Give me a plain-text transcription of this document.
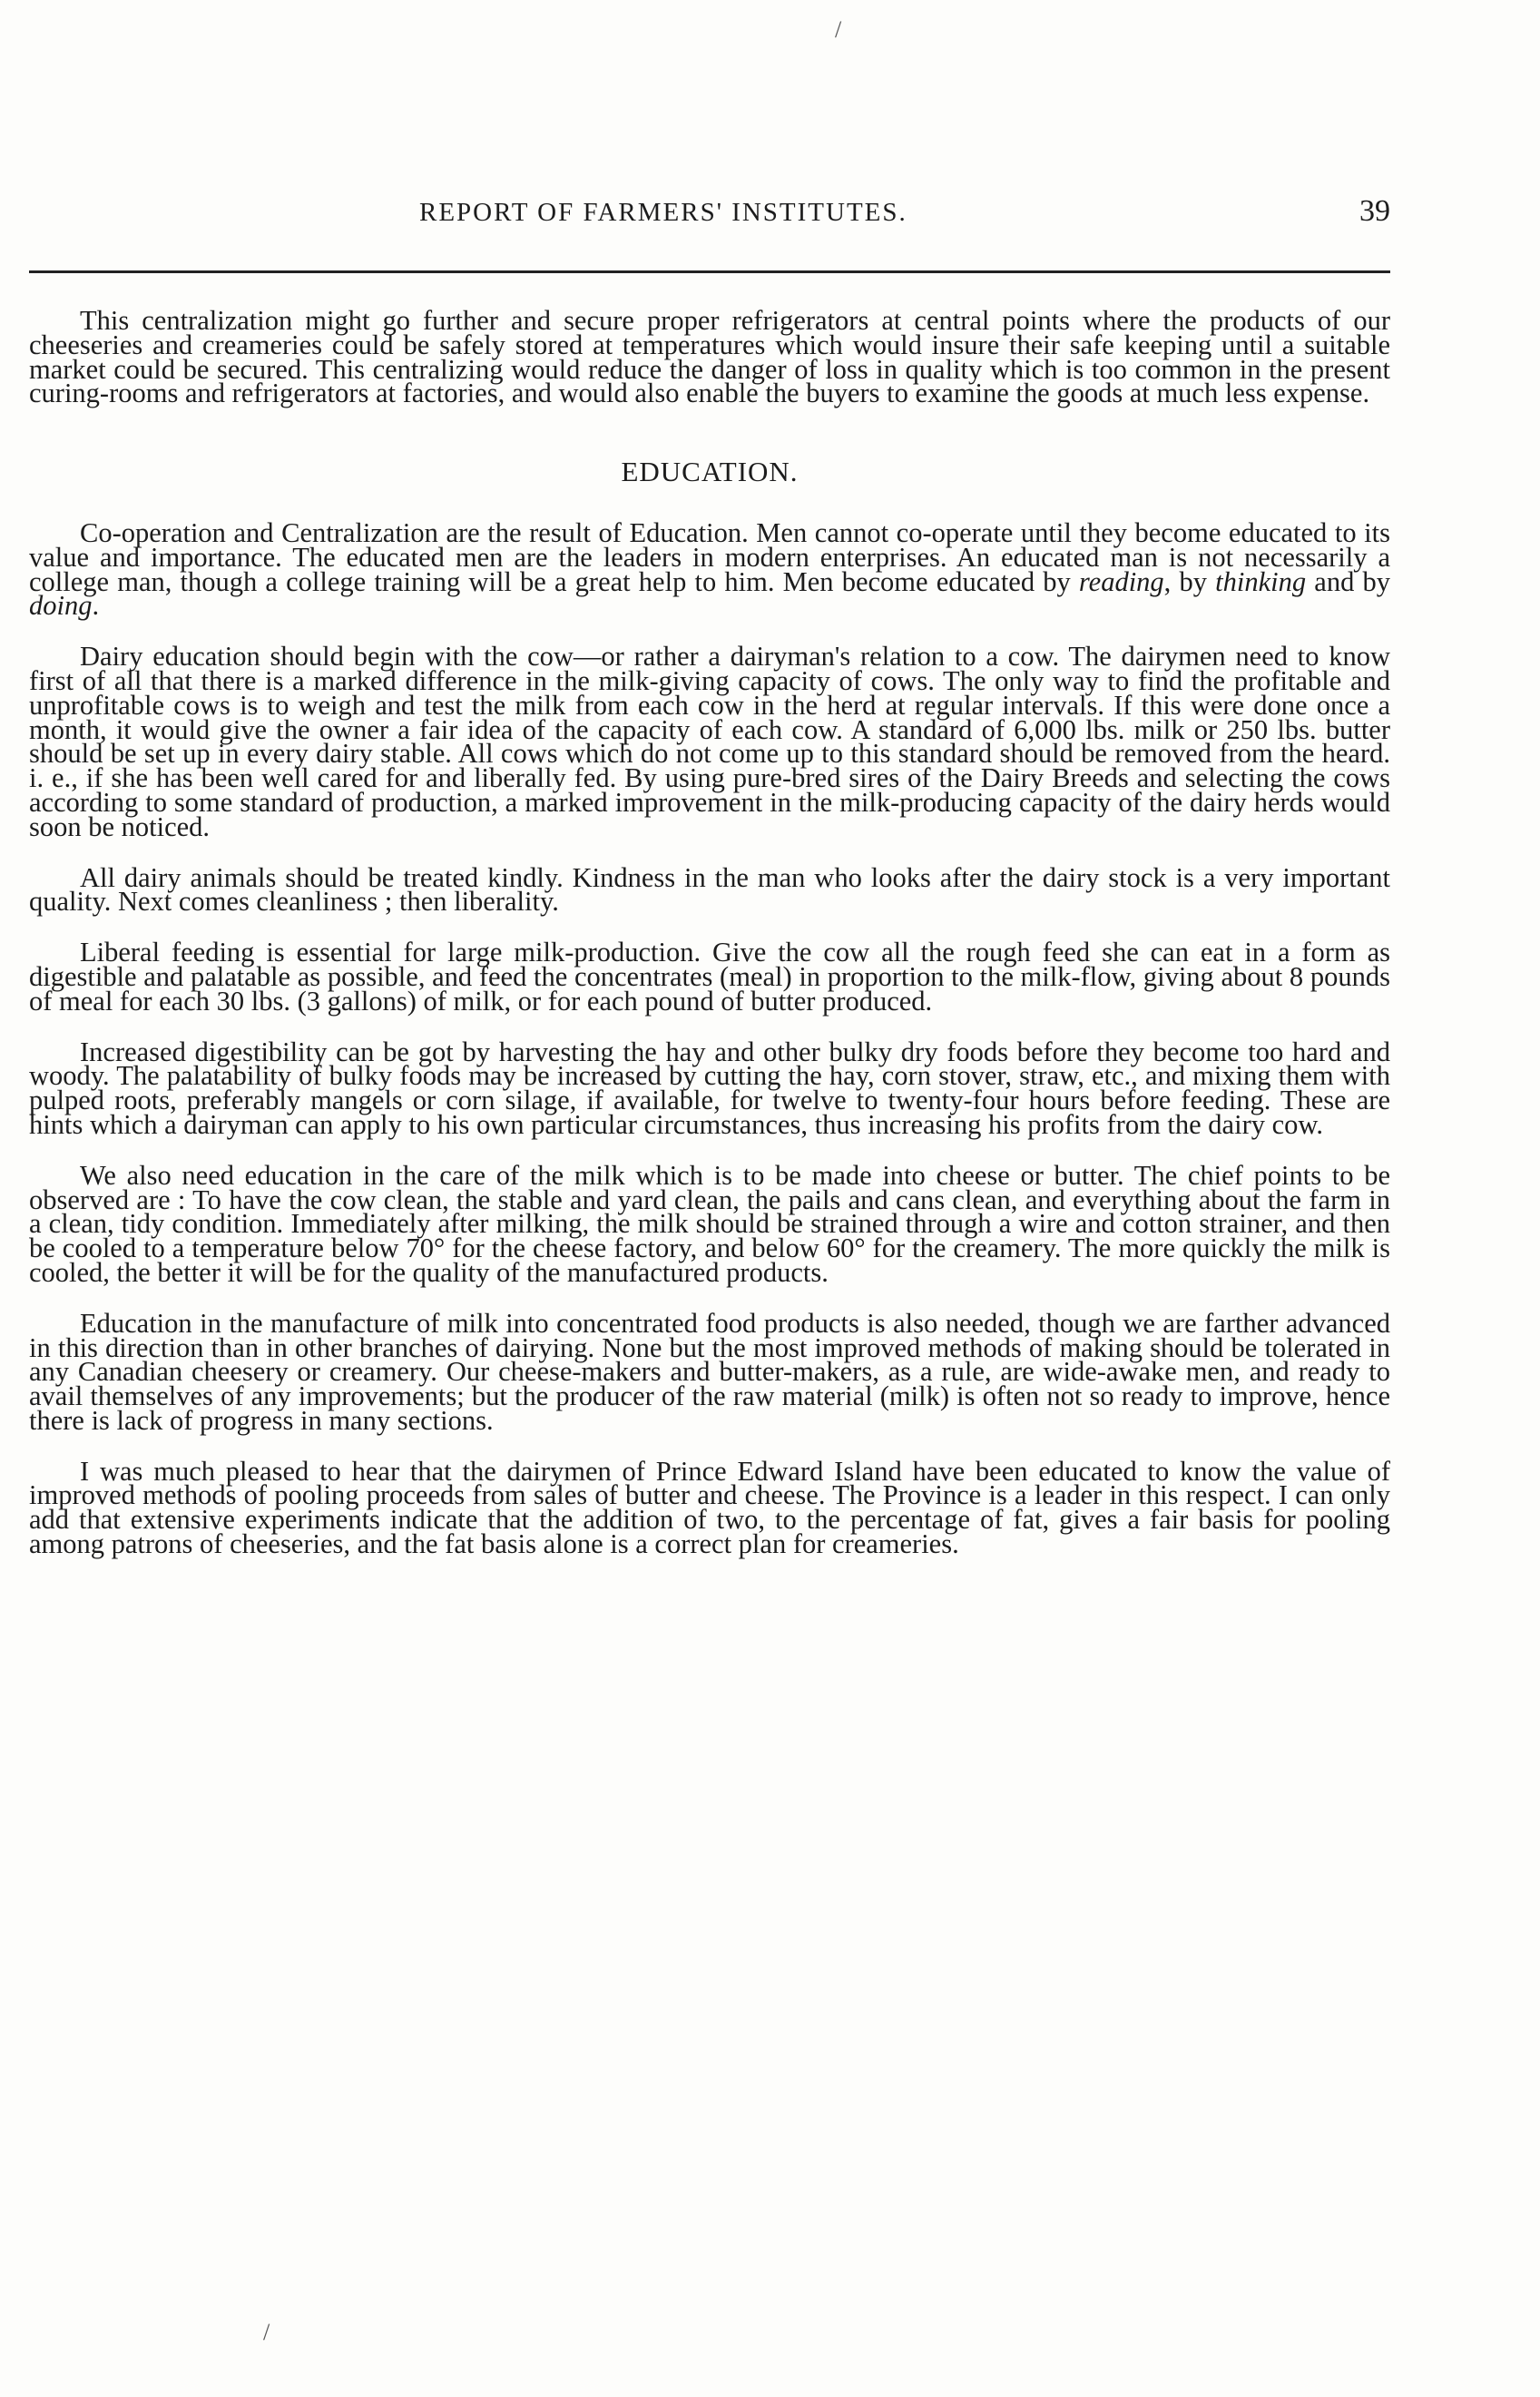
/
/
REPORT OF FARMERS' INSTITUTES.	39

This centralization might go further and secure proper refrigerators at central points where the products of our cheeseries and creameries could be safely stored at temperatures which would insure their safe keeping until a suitable market could be secured. This centralizing would reduce the danger of loss in quality which is too common in the present curing-rooms and refrigerators at factories, and would also enable the buyers to examine the goods at much less expense.

EDUCATION.

Co-operation and Centralization are the result of Education. Men cannot co-operate until they become educated to its value and importance. The educated men are the leaders in modern enterprises. An educated man is not necessarily a college man, though a college training will be a great help to him. Men become educated by reading, by thinking and by doing.

Dairy education should begin with the cow—or rather a dairyman's relation to a cow. The dairymen need to know first of all that there is a marked difference in the milk-giving capacity of cows. The only way to find the profitable and unprofitable cows is to weigh and test the milk from each cow in the herd at regular intervals. If this were done once a month, it would give the owner a fair idea of the capacity of each cow. A standard of 6,000 lbs. milk or 250 lbs. butter should be set up in every dairy stable. All cows which do not come up to this standard should be removed from the heard. i. e., if she has been well cared for and liberally fed. By using pure-bred sires of the Dairy Breeds and selecting the cows according to some standard of production, a marked improvement in the milk-producing capacity of the dairy herds would soon be noticed.

All dairy animals should be treated kindly. Kindness in the man who looks after the dairy stock is a very important quality. Next comes cleanliness ; then liberality.

Liberal feeding is essential for large milk-production. Give the cow all the rough feed she can eat in a form as digestible and palatable as possible, and feed the concentrates (meal) in proportion to the milk-flow, giving about 8 pounds of meal for each 30 lbs. (3 gallons) of milk, or for each pound of butter produced.

Increased digestibility can be got by harvesting the hay and other bulky dry foods before they become too hard and woody. The palatability of bulky foods may be increased by cutting the hay, corn stover, straw, etc., and mixing them with pulped roots, preferably mangels or corn silage, if available, for twelve to twenty-four hours before feeding. These are hints which a dairyman can apply to his own particular circumstances, thus increasing his profits from the dairy cow.

We also need education in the care of the milk which is to be made into cheese or butter. The chief points to be observed are : To have the cow clean, the stable and yard clean, the pails and cans clean, and everything about the farm in a clean, tidy condition. Immediately after milking, the milk should be strained through a wire and cotton strainer, and then be cooled to a temperature below 70° for the cheese factory, and below 60° for the creamery. The more quickly the milk is cooled, the better it will be for the quality of the manufactured products.

Education in the manufacture of milk into concentrated food products is also needed, though we are farther advanced in this direction than in other branches of dairying. None but the most improved methods of making should be tolerated in any Canadian cheesery or creamery. Our cheese-makers and butter-makers, as a rule, are wide-awake men, and ready to avail themselves of any improvements; but the producer of the raw material (milk) is often not so ready to improve, hence there is lack of progress in many sections.

I was much pleased to hear that the dairymen of Prince Edward Island have been educated to know the value of improved methods of pooling proceeds from sales of butter and cheese. The Province is a leader in this respect. I can only add that extensive experiments indicate that the addition of two, to the percentage of fat, gives a fair basis for pooling among patrons of cheeseries, and the fat basis alone is a correct plan for creameries.
